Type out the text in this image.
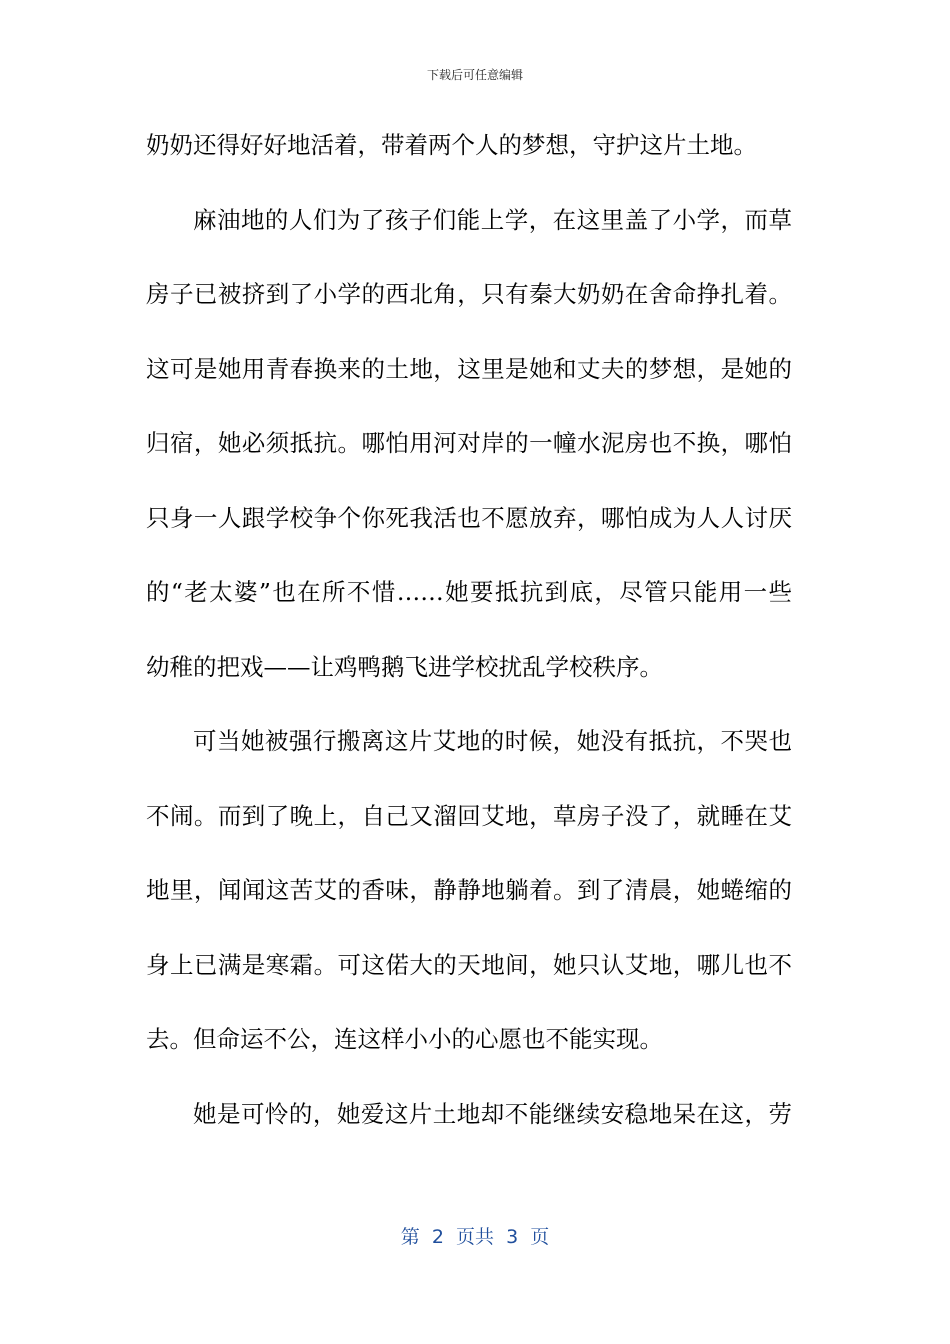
下载后可任意编辑
奶奶还得好好地活着，带着两个人的梦想，守护这片土地。
麻油地的人们为了孩子们能上学，在这里盖了小学，而草
房子已被挤到了小学的西北角，只有秦大奶奶在舍命挣扎着。
这可是她用青春换来的土地，这里是她和丈夫的梦想，是她的
归宿，她必须抵抗。哪怕用河对岸的一幢水泥房也不换，哪怕
只身一人跟学校争个你死我活也不愿放弃，哪怕成为人人讨厌
的“老太婆”也在所不惜……她要抵抗到底，尽管只能用一些
幼稚的把戏——让鸡鸭鹅飞进学校扰乱学校秩序。
可当她被强行搬离这片艾地的时候，她没有抵抗，不哭也
不闹。而到了晚上，自己又溜回艾地，草房子没了，就睡在艾
地里，闻闻这苦艾的香味，静静地躺着。到了清晨，她蜷缩的
身上已满是寒霜。可这偌大的天地间，她只认艾地，哪儿也不
去。但命运不公，连这样小小的心愿也不能实现。
她是可怜的，她爱这片土地却不能继续安稳地呆在这，劳
第  2  页共  3  页
